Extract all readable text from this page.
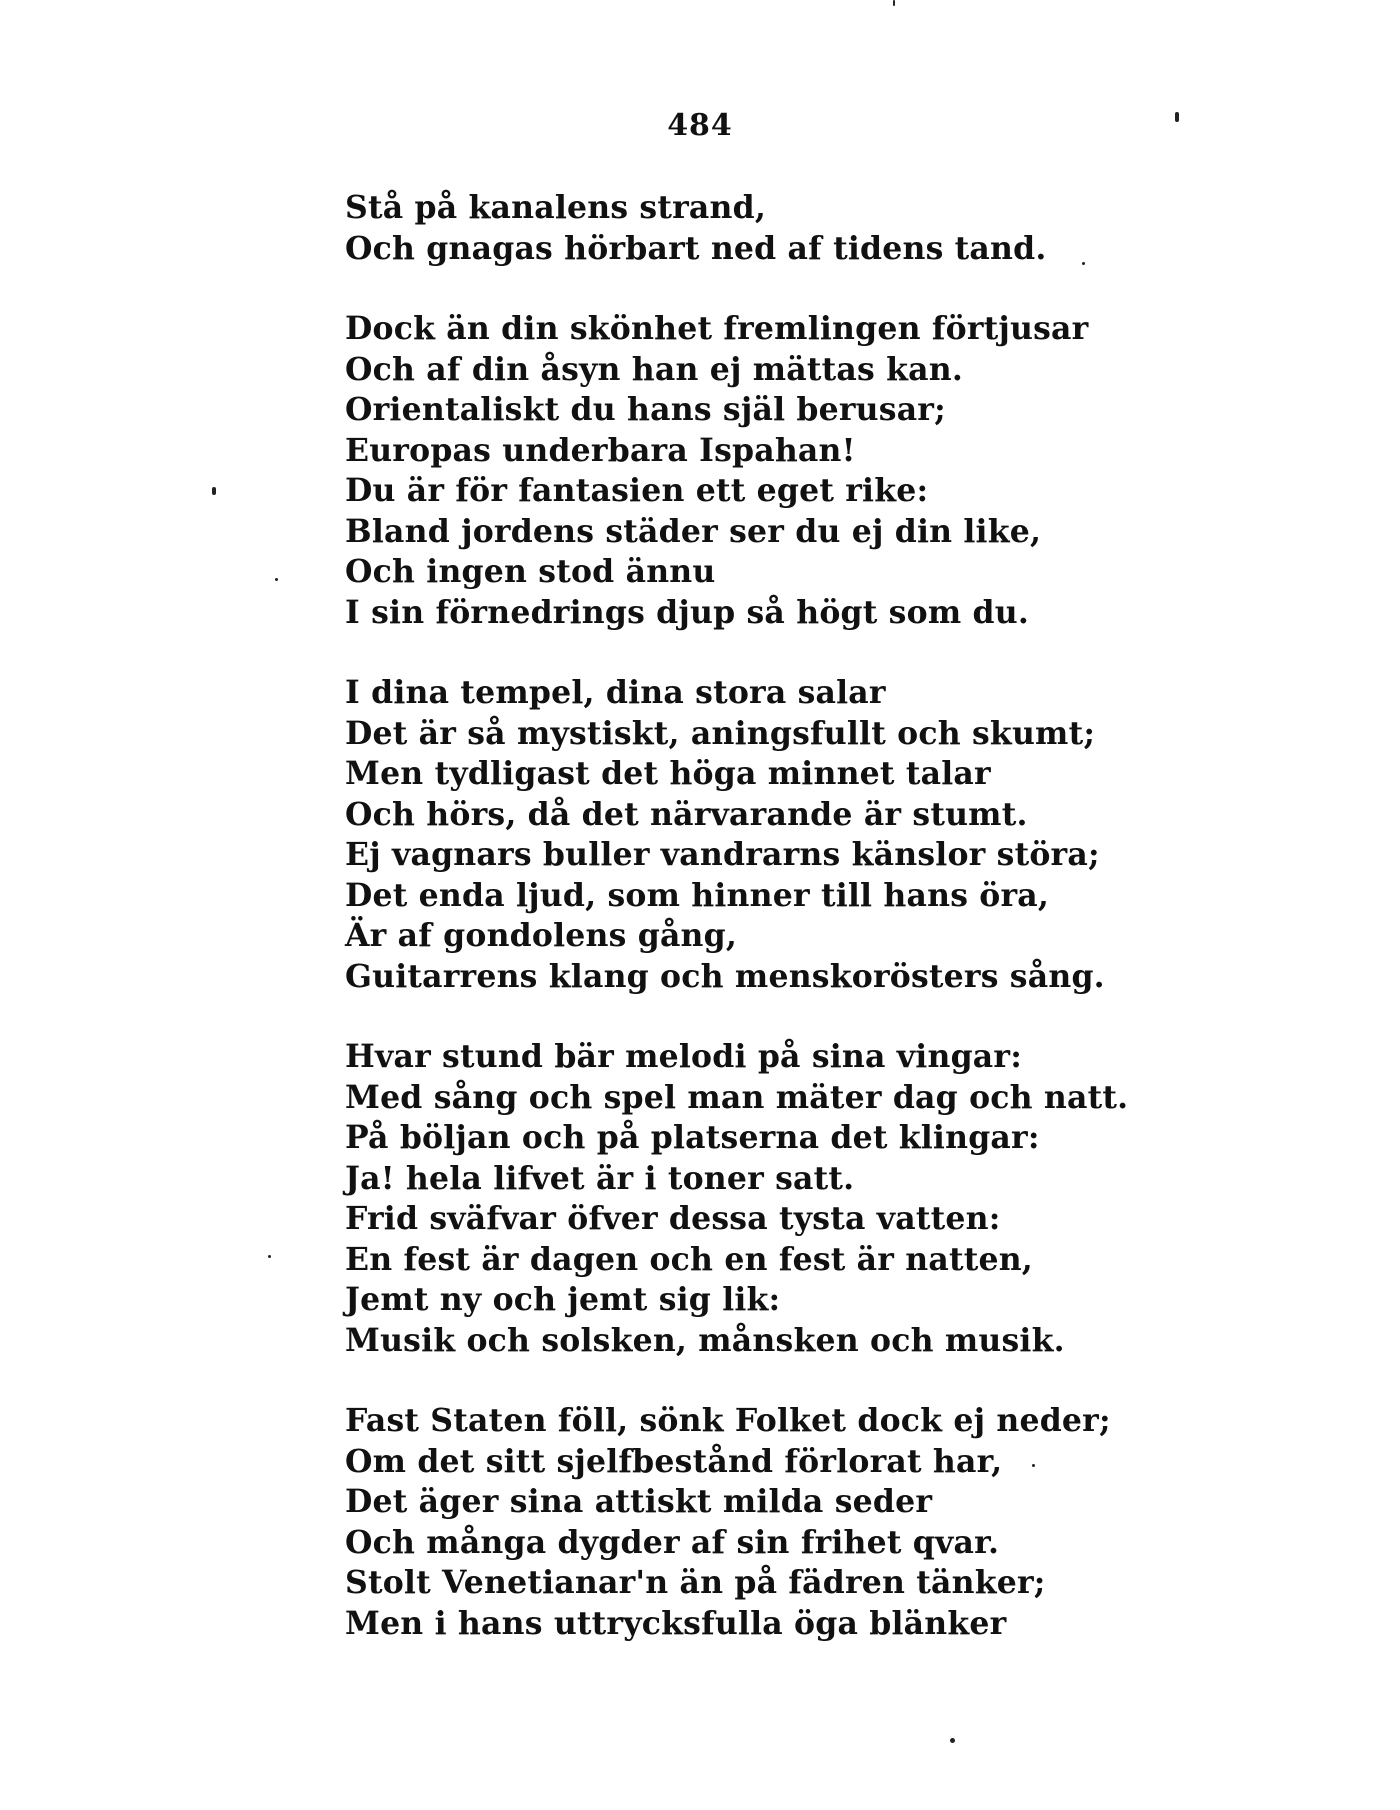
484
Stå på kanalens strand,
Och gnagas hörbart ned af tidens tand.
Dock än din skönhet fremlingen förtjusar
Och af din åsyn han ej mättas kan.
Orientaliskt du hans själ berusar;
Europas underbara Ispahan!
Du är för fantasien ett eget rike:
Bland jordens städer ser du ej din like,
Och ingen stod ännu
I sin förnedrings djup så högt som du.
I dina tempel, dina stora salar
Det är så mystiskt, aningsfullt och skumt;
Men tydligast det höga minnet talar
Och hörs, då det närvarande är stumt.
Ej vagnars buller vandrarns känslor störa;
Det enda ljud, som hinner till hans öra,
Är af gondolens gång,
Guitarrens klang och menskorösters sång.
Hvar stund bär melodi på sina vingar:
Med sång och spel man mäter dag och natt.
På böljan och på platserna det klingar:
Ja! hela lifvet är i toner satt.
Frid sväfvar öfver dessa tysta vatten:
En fest är dagen och en fest är natten,
Jemt ny och jemt sig lik:
Musik och solsken, månsken och musik.
Fast Staten föll, sönk Folket dock ej neder;
Om det sitt sjelfbestånd förlorat har,
Det äger sina attiskt milda seder
Och många dygder af sin frihet qvar.
Stolt Venetianar'n än på fädren tänker;
Men i hans uttrycksfulla öga blänker
